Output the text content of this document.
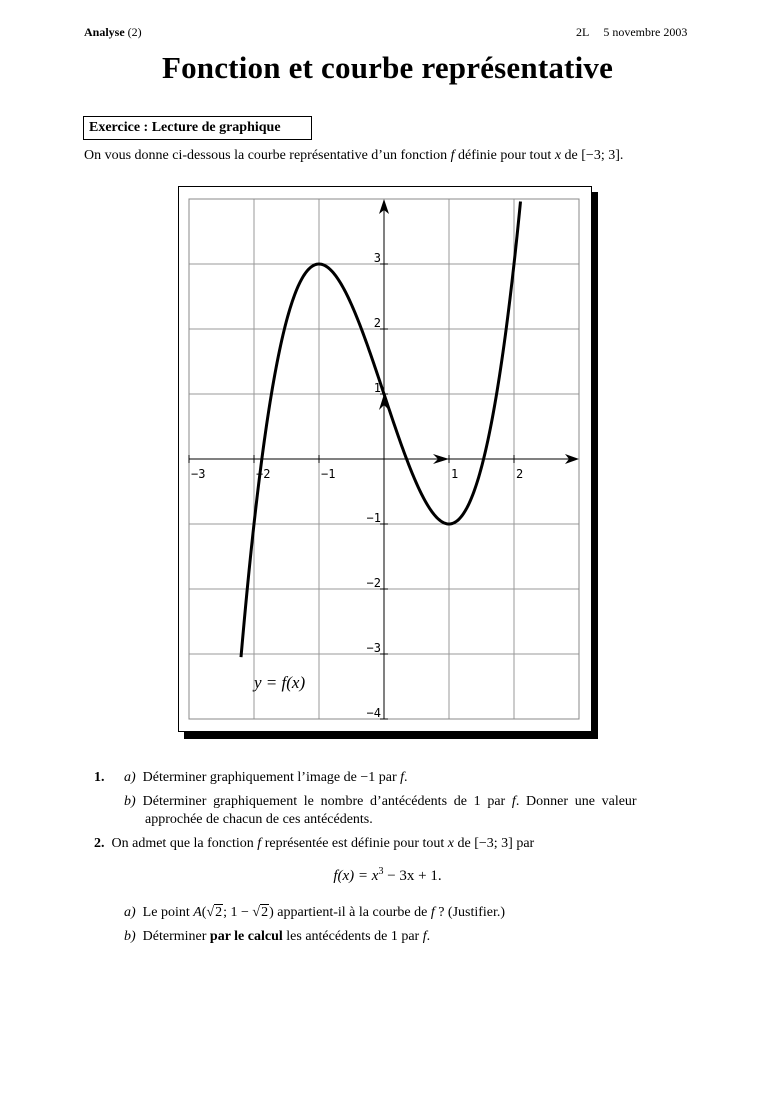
Analyse (2)	2L 5 novembre 2003
Fonction et courbe représentative
Exercice : Lecture de graphique
On vous donne ci-dessous la courbe représentative d’un fonction f définie pour tout x de [−3; 3].
−3	−2	−1	1	2
3
2
1
−1
−2
−3
−4
y = f(x)
1. a) Déterminer graphiquement l’image de −1 par f.
b) Déterminer graphiquement le nombre d’antécédents de 1 par f. Donner une valeur
approchée de chacun de ces antécédents.
2. On admet que la fonction f représentée est définie pour tout x de [−3; 3] par
$f(x) = x^3 - 3x + 1$.
a) Le point A(√2; 1 − √2) appartient-il à la courbe de f ? (Justifier.)
b) Déterminer par le calcul les antécédents de 1 par f.
